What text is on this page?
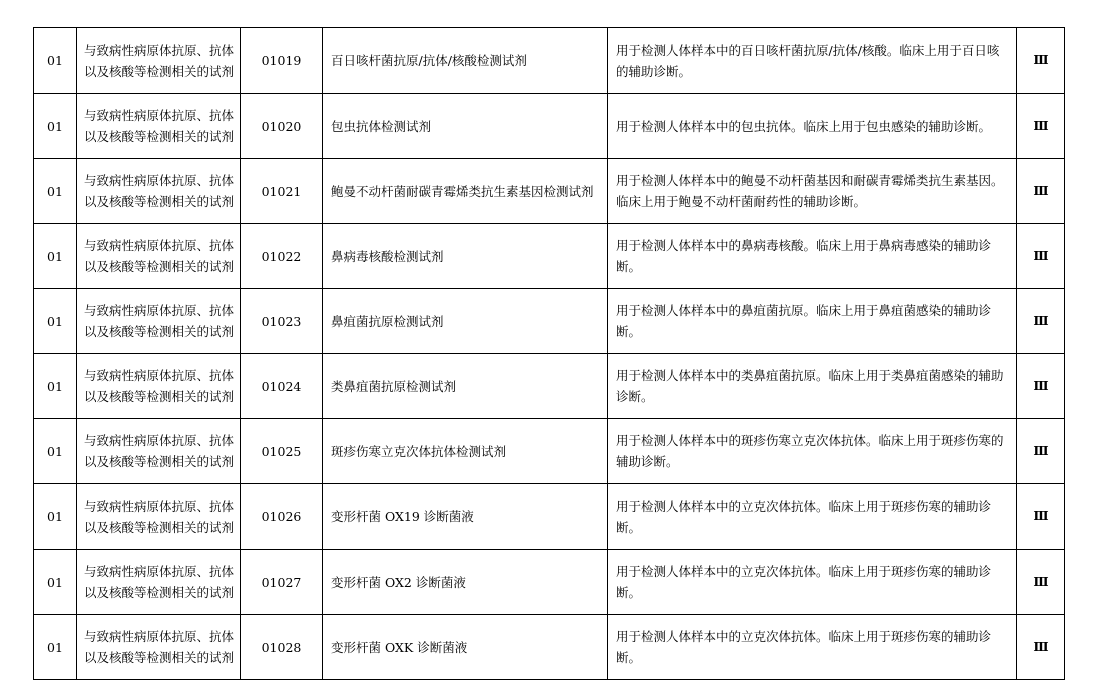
01	与致病性病原体抗原、抗体以及核酸等检测相关的试剂	01019	百日咳杆菌抗原/抗体/核酸检测试剂	用于检测人体样本中的百日咳杆菌抗原/抗体/核酸。临床上用于百日咳的辅助诊断。	Ⅲ
01	与致病性病原体抗原、抗体以及核酸等检测相关的试剂	01020	包虫抗体检测试剂	用于检测人体样本中的包虫抗体。临床上用于包虫感染的辅助诊断。	Ⅲ
01	与致病性病原体抗原、抗体以及核酸等检测相关的试剂	01021	鲍曼不动杆菌耐碳青霉烯类抗生素基因检测试剂	用于检测人体样本中的鲍曼不动杆菌基因和耐碳青霉烯类抗生素基因。临床上用于鲍曼不动杆菌耐药性的辅助诊断。	Ⅲ
01	与致病性病原体抗原、抗体以及核酸等检测相关的试剂	01022	鼻病毒核酸检测试剂	用于检测人体样本中的鼻病毒核酸。临床上用于鼻病毒感染的辅助诊断。	Ⅲ
01	与致病性病原体抗原、抗体以及核酸等检测相关的试剂	01023	鼻疽菌抗原检测试剂	用于检测人体样本中的鼻疽菌抗原。临床上用于鼻疽菌感染的辅助诊断。	Ⅲ
01	与致病性病原体抗原、抗体以及核酸等检测相关的试剂	01024	类鼻疽菌抗原检测试剂	用于检测人体样本中的类鼻疽菌抗原。临床上用于类鼻疽菌感染的辅助诊断。	Ⅲ
01	与致病性病原体抗原、抗体以及核酸等检测相关的试剂	01025	斑疹伤寒立克次体抗体检测试剂	用于检测人体样本中的斑疹伤寒立克次体抗体。临床上用于斑疹伤寒的辅助诊断。	Ⅲ
01	与致病性病原体抗原、抗体以及核酸等检测相关的试剂	01026	变形杆菌 OX19 诊断菌液	用于检测人体样本中的立克次体抗体。临床上用于斑疹伤寒的辅助诊断。	Ⅲ
01	与致病性病原体抗原、抗体以及核酸等检测相关的试剂	01027	变形杆菌 OX2 诊断菌液	用于检测人体样本中的立克次体抗体。临床上用于斑疹伤寒的辅助诊断。	Ⅲ
01	与致病性病原体抗原、抗体以及核酸等检测相关的试剂	01028	变形杆菌 OXK 诊断菌液	用于检测人体样本中的立克次体抗体。临床上用于斑疹伤寒的辅助诊断。	Ⅲ
